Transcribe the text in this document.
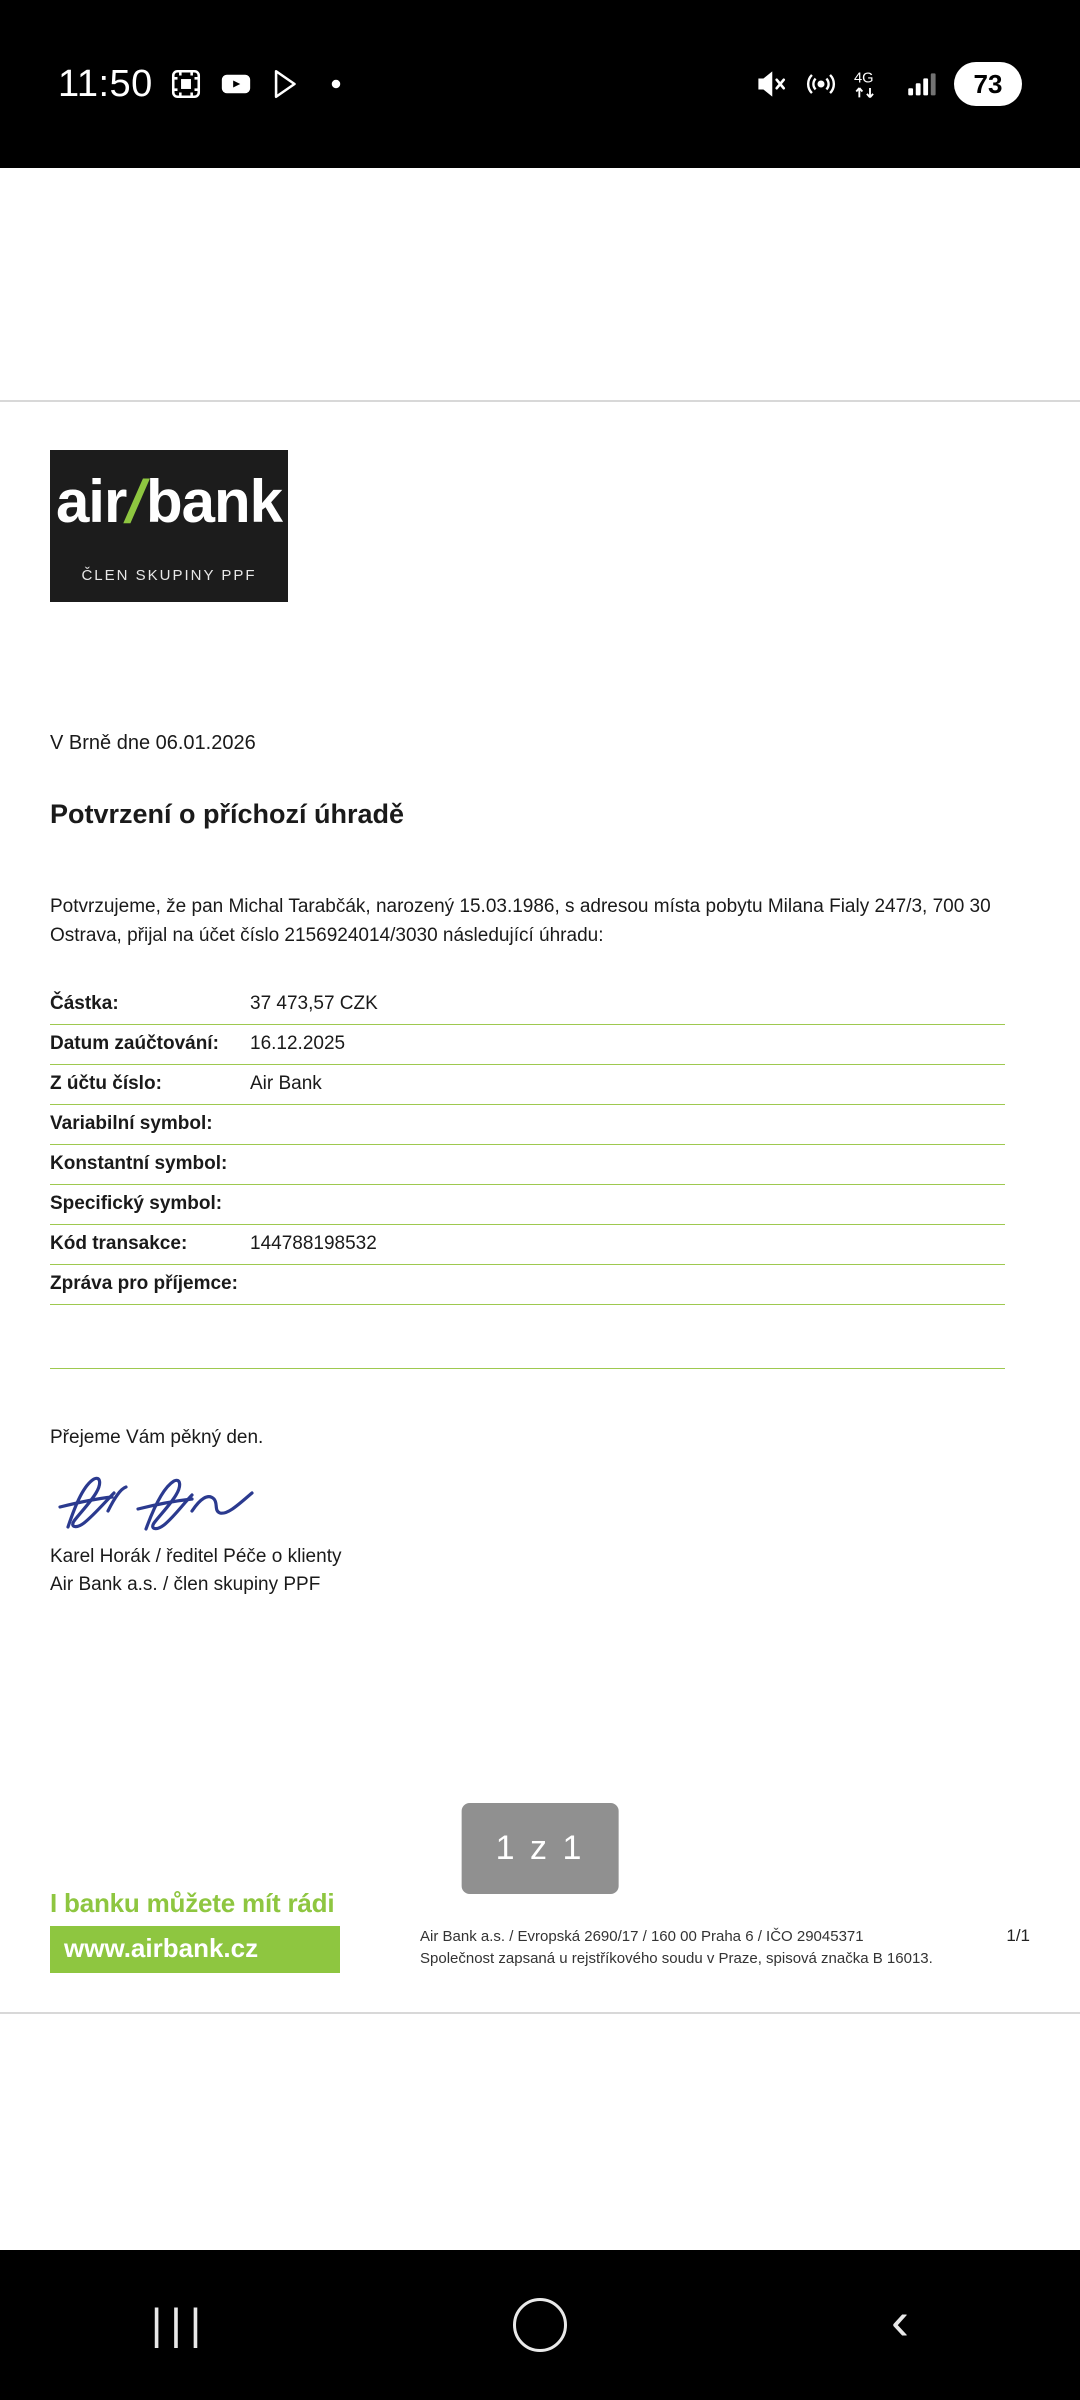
11:50	4G	73
air/bank
ČLEN SKUPINY PPF
V Brně dne 06.01.2026
Potvrzení o příchozí úhradě
Potvrzujeme, že pan Michal Tarabčák, narozený 15.03.1986, s adresou místa pobytu Milana Fialy 247/3, 700 30 Ostrava, přijal na účet číslo 2156924014/3030 následující úhradu:
Částka:	37 473,57 CZK
Datum zaúčtování:	16.12.2025
Z účtu číslo:	Air Bank
Variabilní symbol:	
Konstantní symbol:	
Specifický symbol:	
Kód transakce:	144788198532
Zpráva pro příjemce:	
Přejeme Vám pěkný den.
Karel Horák / ředitel Péče o klienty
Air Bank a.s. / člen skupiny PPF
I banku můžete mít rádi
www.airbank.cz	Air Bank a.s. / Evropská 2690/17 / 160 00 Praha 6 / IČO 29045371
Společnost zapsaná u rejstříkového soudu v Praze, spisová značka B 16013.
1/1
1 z 1
|||	‹
